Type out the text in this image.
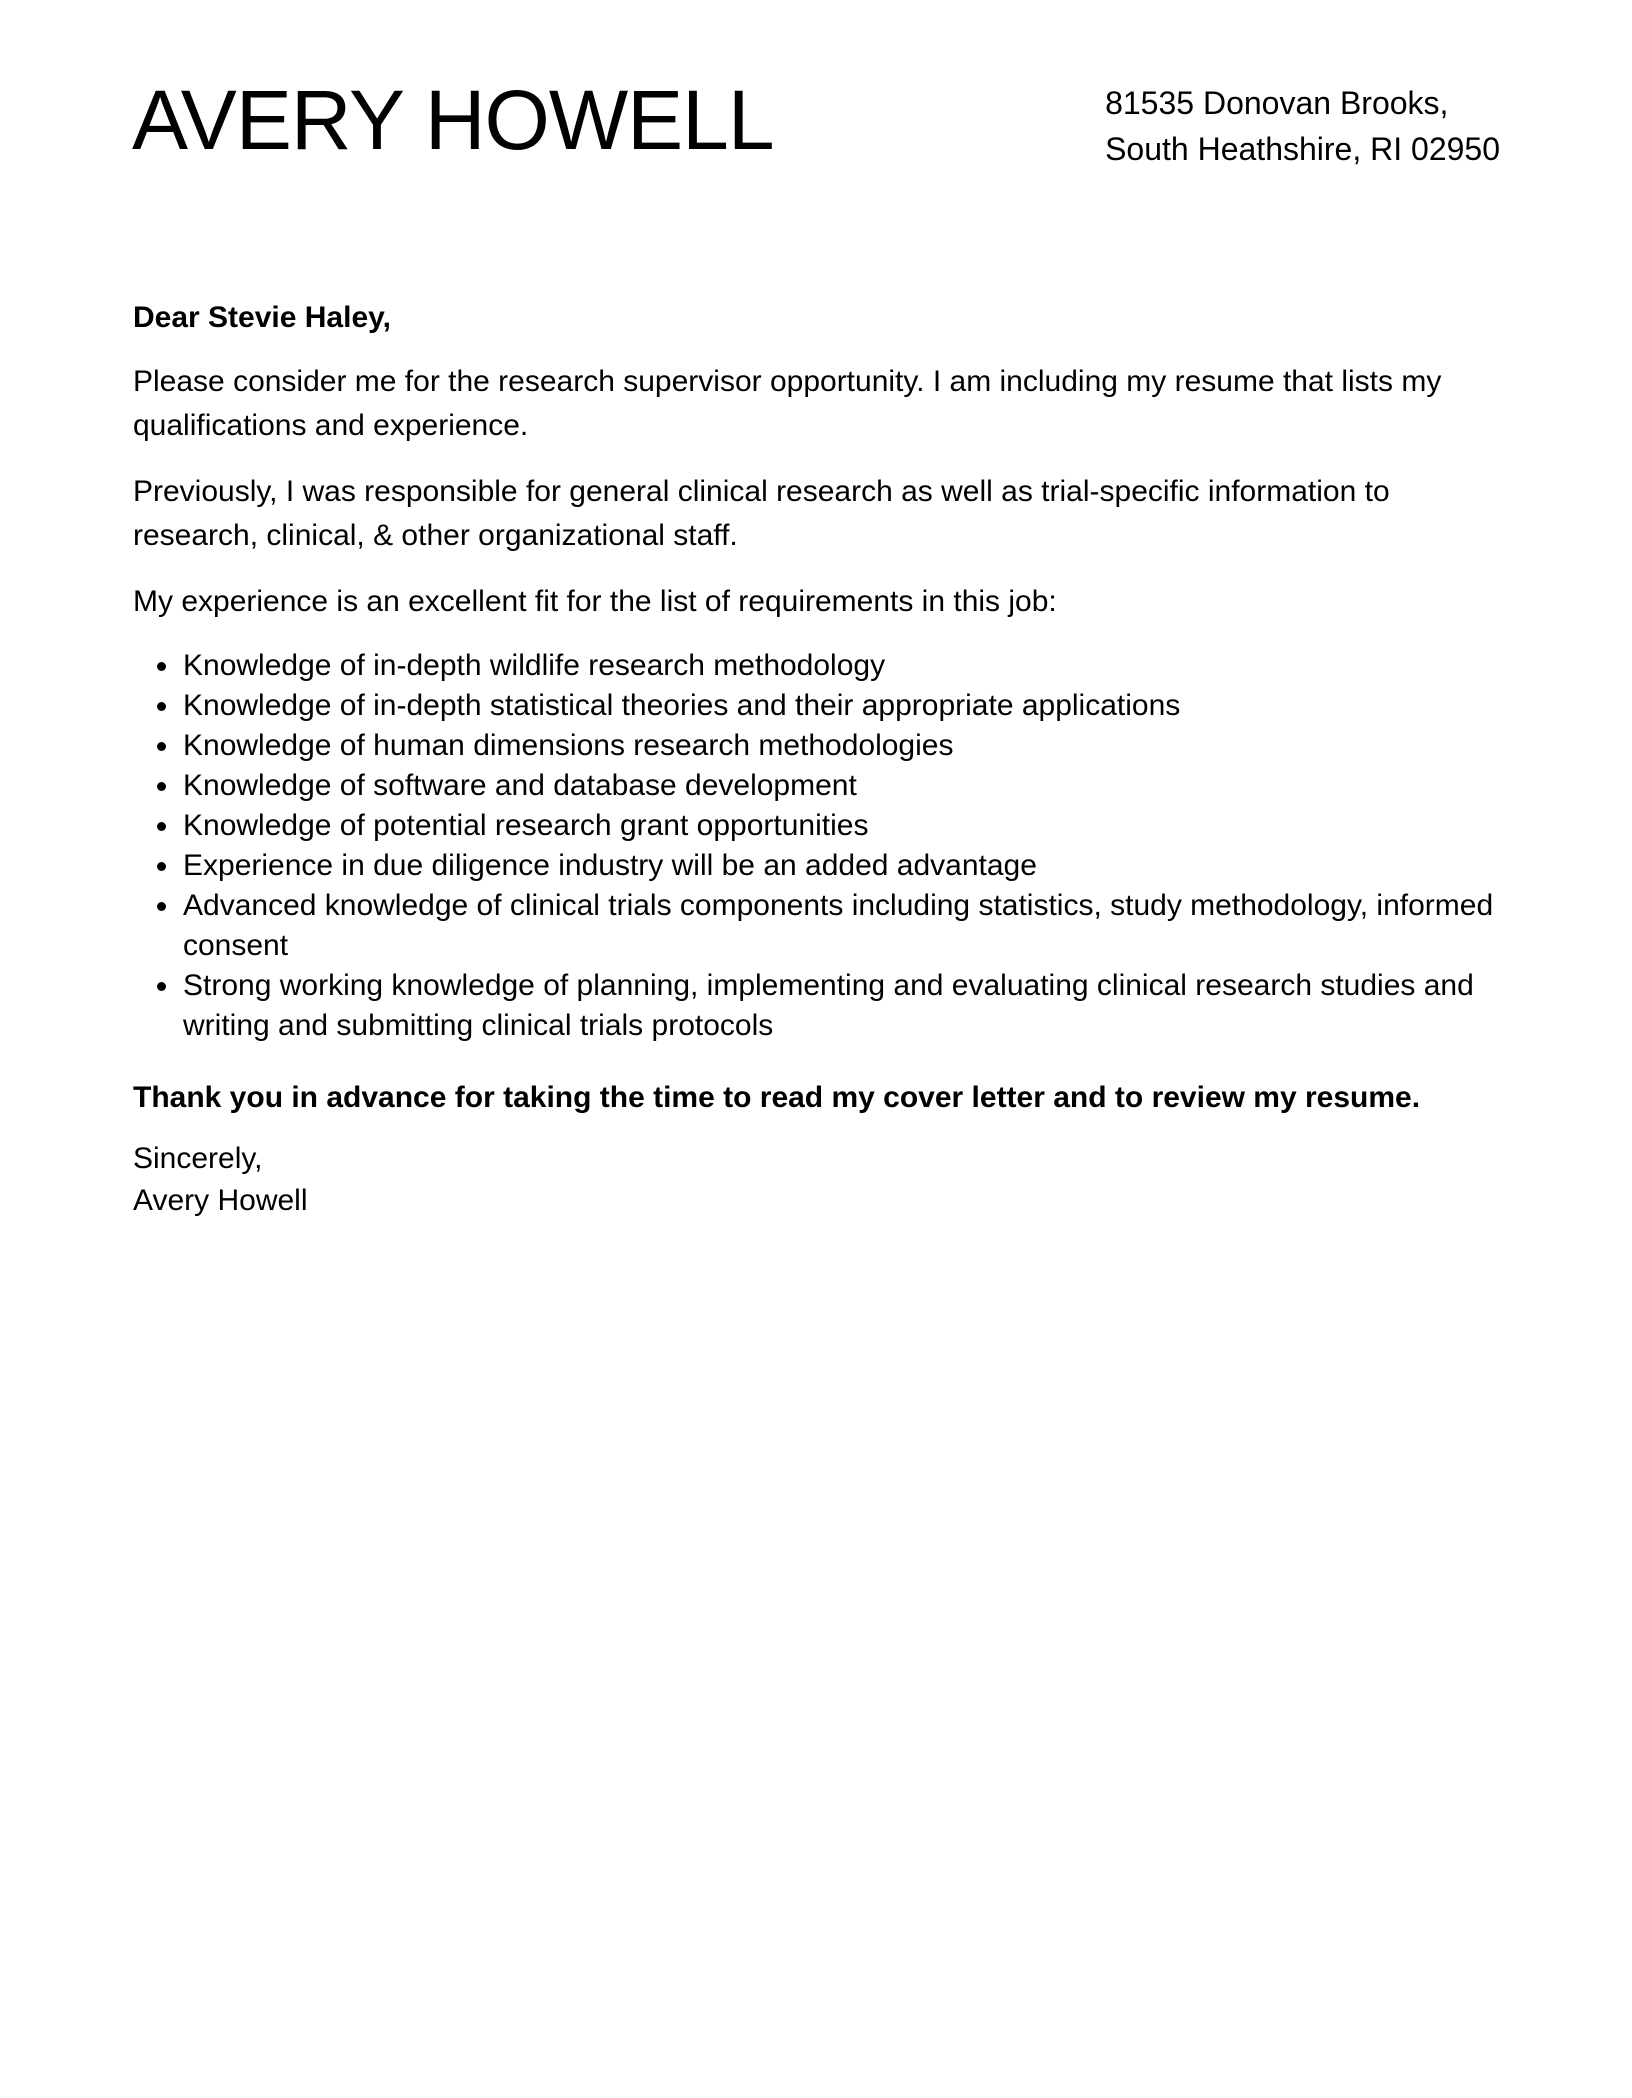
AVERY HOWELL	81535 Donovan Brooks,
South Heathshire, RI 02950

Dear Stevie Haley,

Please consider me for the research supervisor opportunity. I am including my resume that lists my qualifications and experience.

Previously, I was responsible for general clinical research as well as trial-specific information to research, clinical, & other organizational staff.

My experience is an excellent fit for the list of requirements in this job:

• Knowledge of in-depth wildlife research methodology
• Knowledge of in-depth statistical theories and their appropriate applications
• Knowledge of human dimensions research methodologies
• Knowledge of software and database development
• Knowledge of potential research grant opportunities
• Experience in due diligence industry will be an added advantage
• Advanced knowledge of clinical trials components including statistics, study methodology, informed consent
• Strong working knowledge of planning, implementing and evaluating clinical research studies and writing and submitting clinical trials protocols

Thank you in advance for taking the time to read my cover letter and to review my resume.

Sincerely,
Avery Howell
